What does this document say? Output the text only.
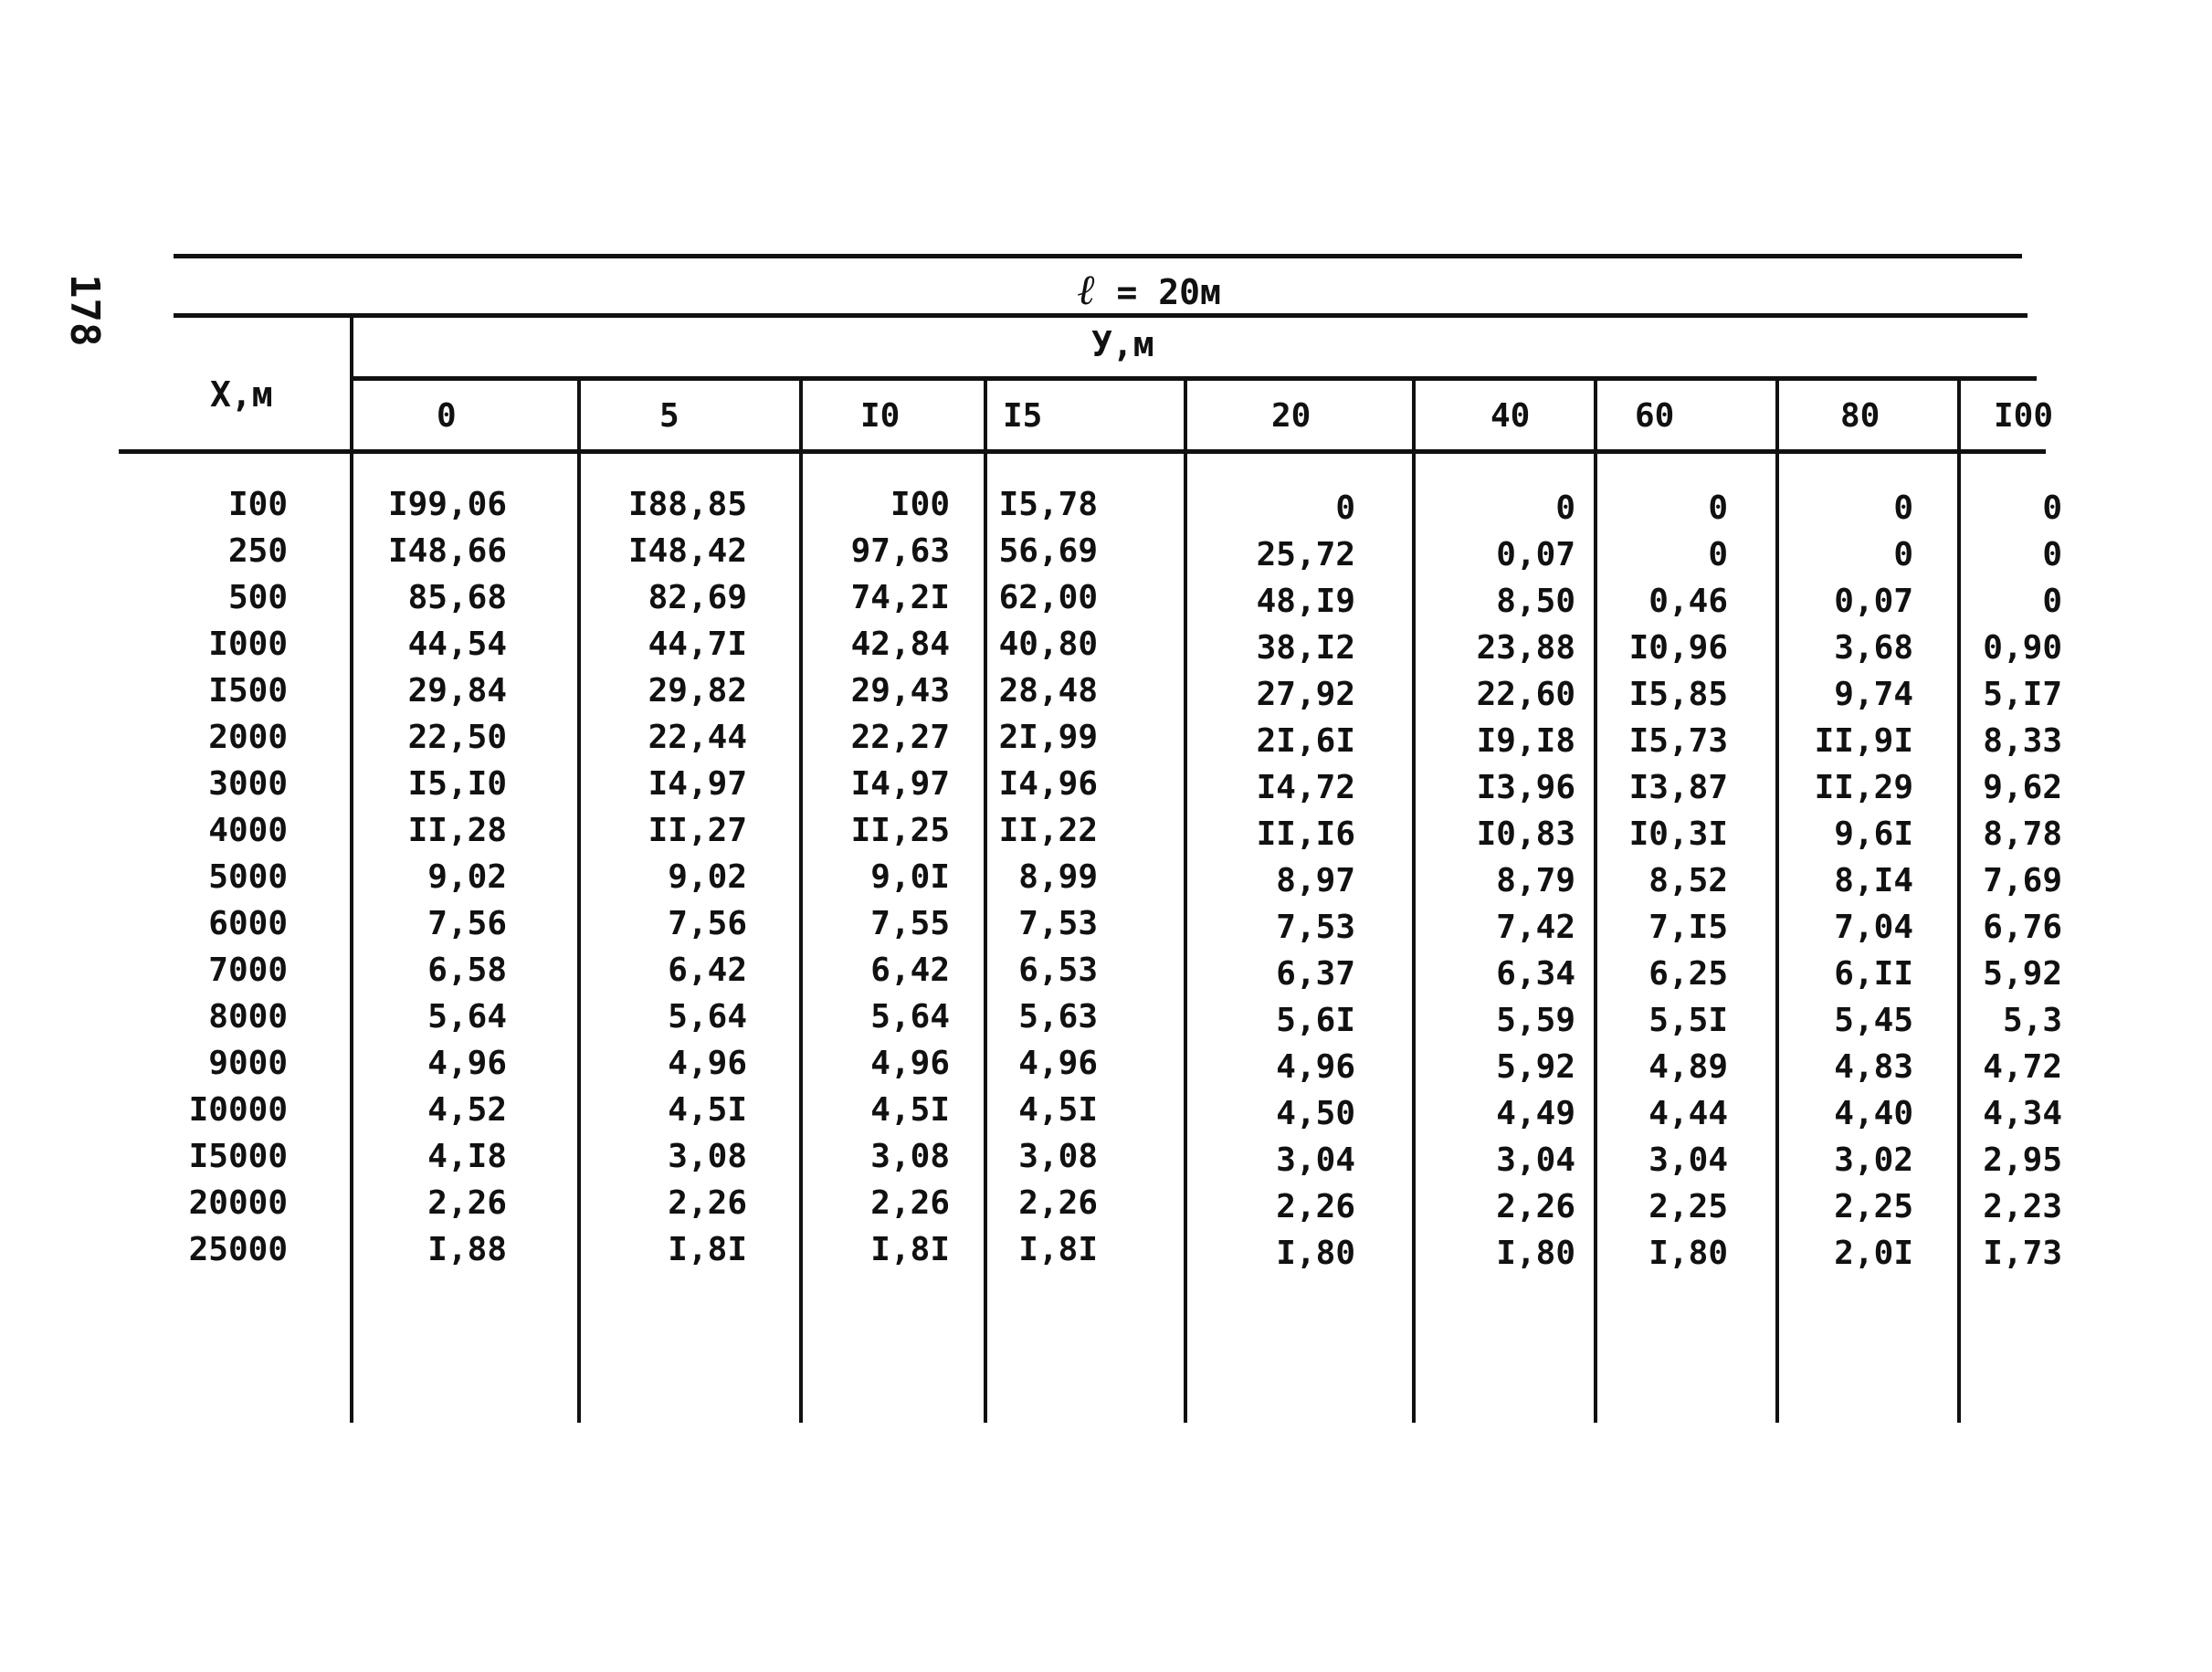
178	ℓ = 20м
У,м
Х,м
0	5	I0	I5	20	40	60	80	I00
I00	I99,06	I88,85	I00	I5,78	0	0	0	0	0
250	I48,66	I48,42	97,63	56,69	25,72	0,07	0	0	0
500	85,68	82,69	74,2I	62,00	48,I9	8,50	0,46	0,07	0
I000	44,54	44,7I	42,84	40,80	38,I2	23,88	I0,96	3,68	0,90
I500	29,84	29,82	29,43	28,48	27,92	22,60	I5,85	9,74	5,I7
2000	22,50	22,44	22,27	2I,99	2I,6I	I9,I8	I5,73	II,9I	8,33
3000	I5,I0	I4,97	I4,97	I4,96	I4,72	I3,96	I3,87	II,29	9,62
4000	II,28	II,27	II,25	II,22	II,I6	I0,83	I0,3I	9,6I	8,78
5000	9,02	9,02	9,0I	8,99	8,97	8,79	8,52	8,I4	7,69
6000	7,56	7,56	7,55	7,53	7,53	7,42	7,I5	7,04	6,76
7000	6,58	6,42	6,42	6,53	6,37	6,34	6,25	6,II	5,92
8000	5,64	5,64	5,64	5,63	5,6I	5,59	5,5I	5,45	5,3
9000	4,96	4,96	4,96	4,96	4,96	5,92	4,89	4,83	4,72
I0000	4,52	4,5I	4,5I	4,5I	4,50	4,49	4,44	4,40	4,34
I5000	4,I8	3,08	3,08	3,08	3,04	3,04	3,04	3,02	2,95
20000	2,26	2,26	2,26	2,26	2,26	2,26	2,25	2,25	2,23
25000	I,88	I,8I	I,8I	I,8I	I,80	I,80	I,80	2,0I	I,73
